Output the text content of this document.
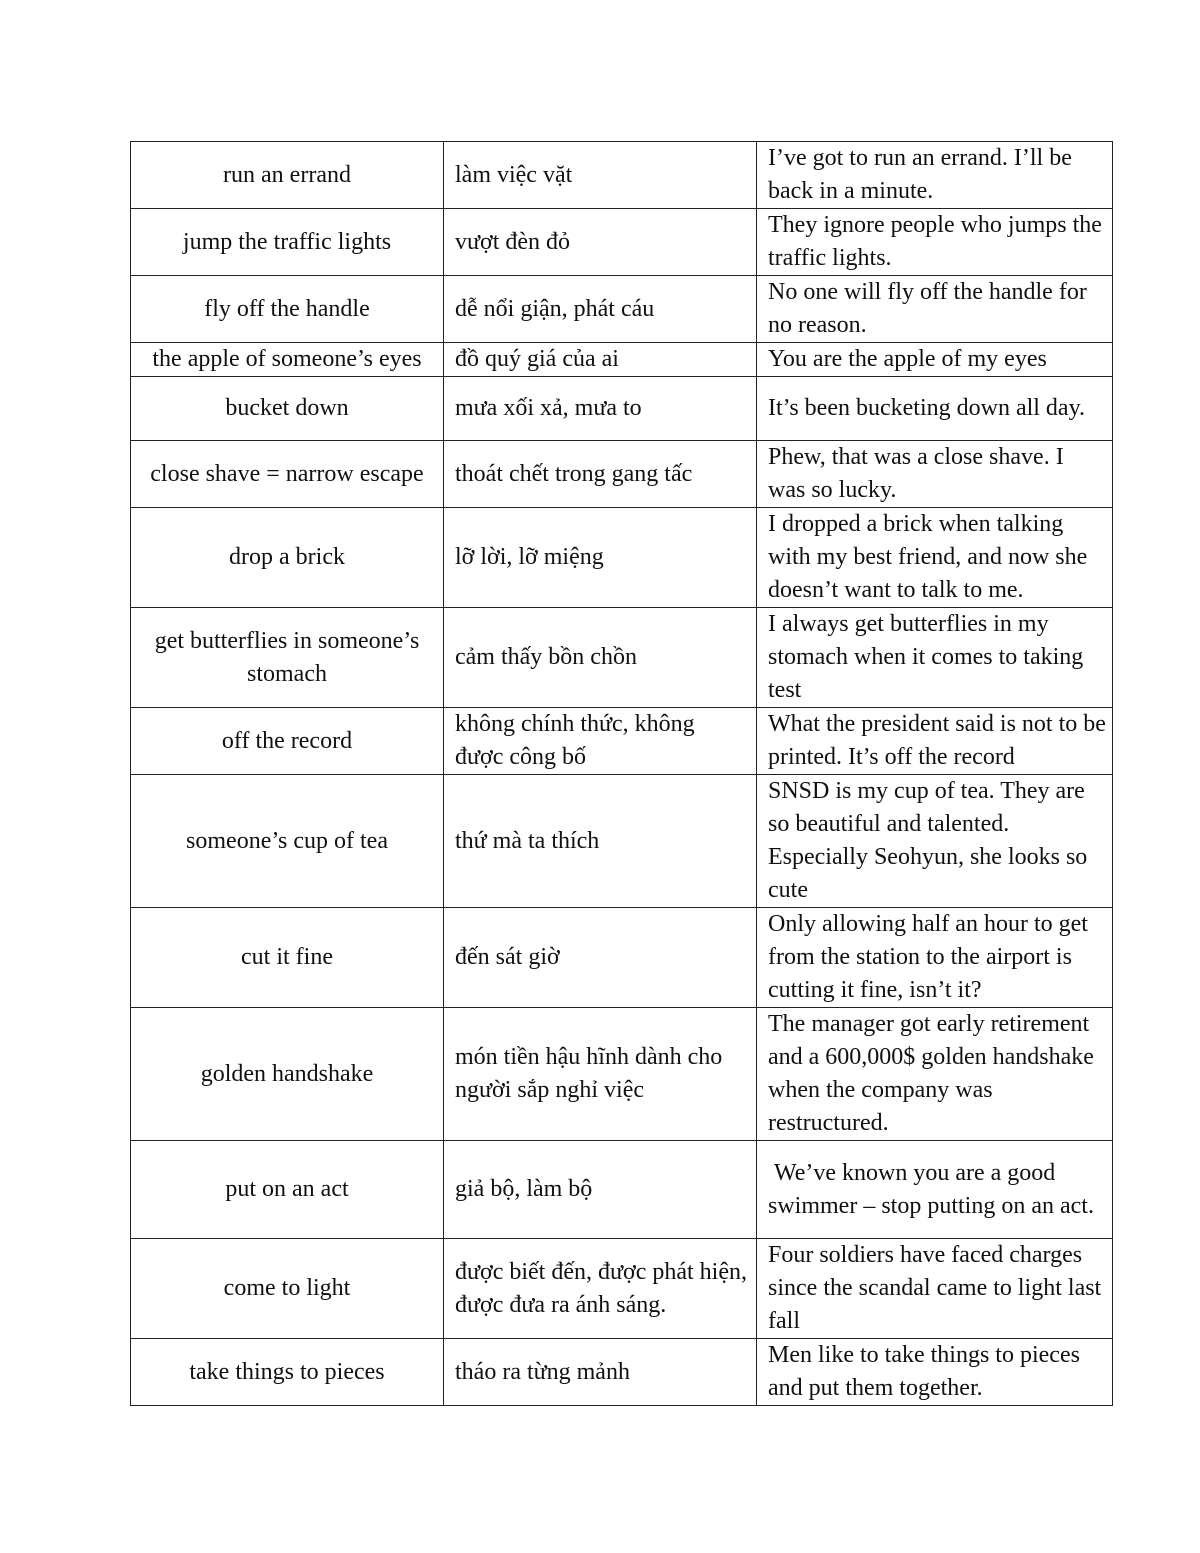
run an errand	làm việc vặt	I’ve got to run an errand. I’ll be back in a minute.

jump the traffic lights	vượt đèn đỏ	They ignore people who jumps the traffic lights.

fly off the handle	dễ nổi giận, phát cáu	No one will fly off the handle for no reason.

the apple of someone’s eyes	đồ quý giá của ai	You are the apple of my eyes

bucket down	mưa xối xả, mưa to	It’s been bucketing down all day.

close shave = narrow escape	thoát chết trong gang tấc	Phew, that was a close shave. I was so lucky.

drop a brick	lỡ lời, lỡ miệng	I dropped a brick when talking with my best friend, and now she doesn’t want to talk to me.

get butterflies in someone’s stomach	cảm thấy bồn chồn	I always get butterflies in my stomach when it comes to taking test

off the record	không chính thức, không được công bố	What the president said is not to be printed. It’s off the record

someone’s cup of tea	thứ mà ta thích	SNSD is my cup of tea. They are so beautiful and talented. Especially Seohyun, she looks so cute

cut it fine	đến sát giờ	Only allowing half an hour to get from the station to the airport is cutting it fine, isn’t it?

golden handshake	món tiền hậu hĩnh dành cho người sắp nghỉ việc	The manager got early retirement and a 600,000$ golden handshake when the company was restructured.

put on an act	giả bộ, làm bộ	We’ve known you are a good swimmer – stop putting on an act.

come to light	được biết đến, được phát hiện, được đưa ra ánh sáng.	Four soldiers have faced charges since the scandal came to light last fall

take things to pieces	tháo ra từng mảnh	Men like to take things to pieces and put them together.
